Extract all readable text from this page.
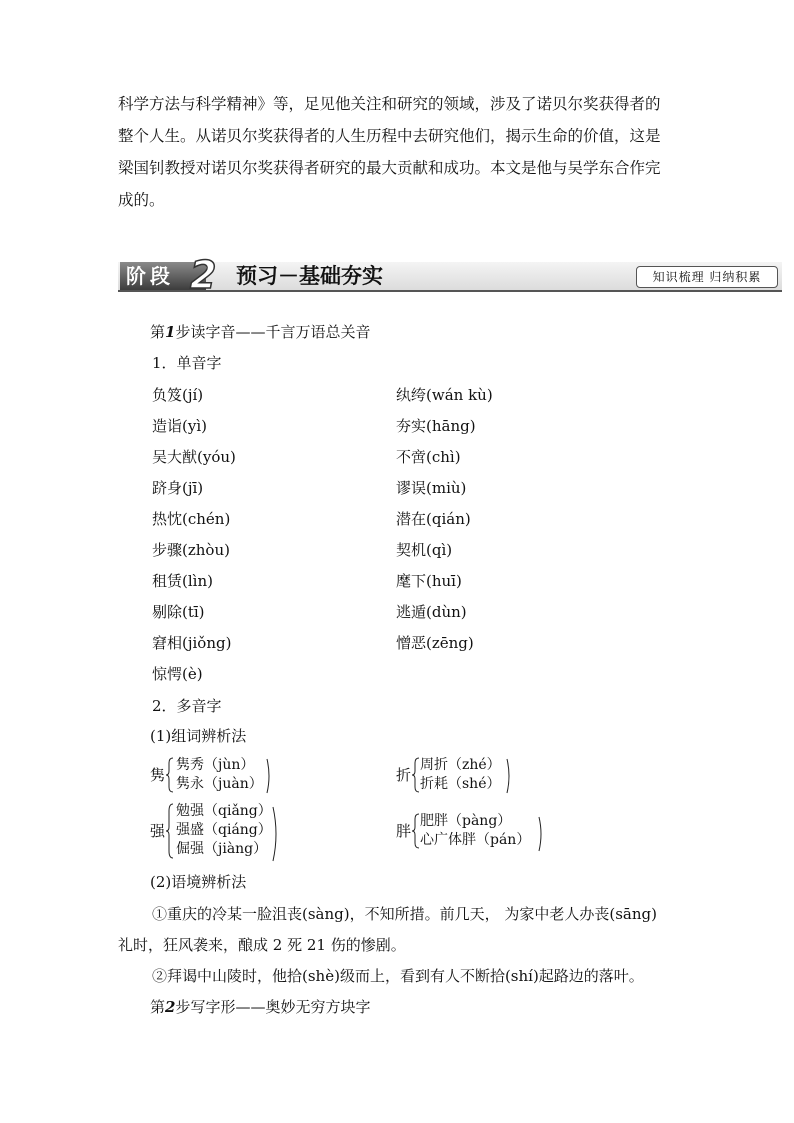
科学方法与科学精神》等，足见他关注和研究的领域，涉及了诺贝尔奖获得者的

整个人生。从诺贝尔奖获得者的人生历程中去研究他们，揭示生命的价值，这是

梁国钊教授对诺贝尔奖获得者研究的最大贡献和成功。本文是他与吴学东合作完

成的。

阶段 2 预习－基础夯实	知识梳理 归纳积累
第1步读字音——千言万语总关音
1．单音字
负笈(jí)
造诣(yì)
吴大猷(yóu)
跻身(jī)
热忱(chén)
步骤(zhòu)
租赁(lìn)
剔除(tī)
窘相(jiǒng)
惊愕(è)
纨绔(wán kù)
夯实(hāng)
不啻(chì)
谬误(miù)
潜在(qián)
契机(qì)
麾下(huī)
逃遁(dùn)
憎恶(zēng)
2．多音字
(1)组词辨析法
隽
隽秀（jùn）
隽永（juàn）	折
周折（zhé）
折耗（shé）
强
勉强（qiǎng）
强盛（qiáng）
倔强（jiàng）
胖
肥胖（pàng）
心广体胖（pán）
(2)语境辨析法
①重庆的冷某一脸沮丧(sàng)，不知所措。前几天， 为家中老人办丧(sāng)
礼时，狂风袭来，酿成 2 死 21 伤的惨剧。
②拜谒中山陵时，他拾(shè)级而上，看到有人不断拾(shí)起路边的落叶。
第2步写字形——奥妙无穷方块字
